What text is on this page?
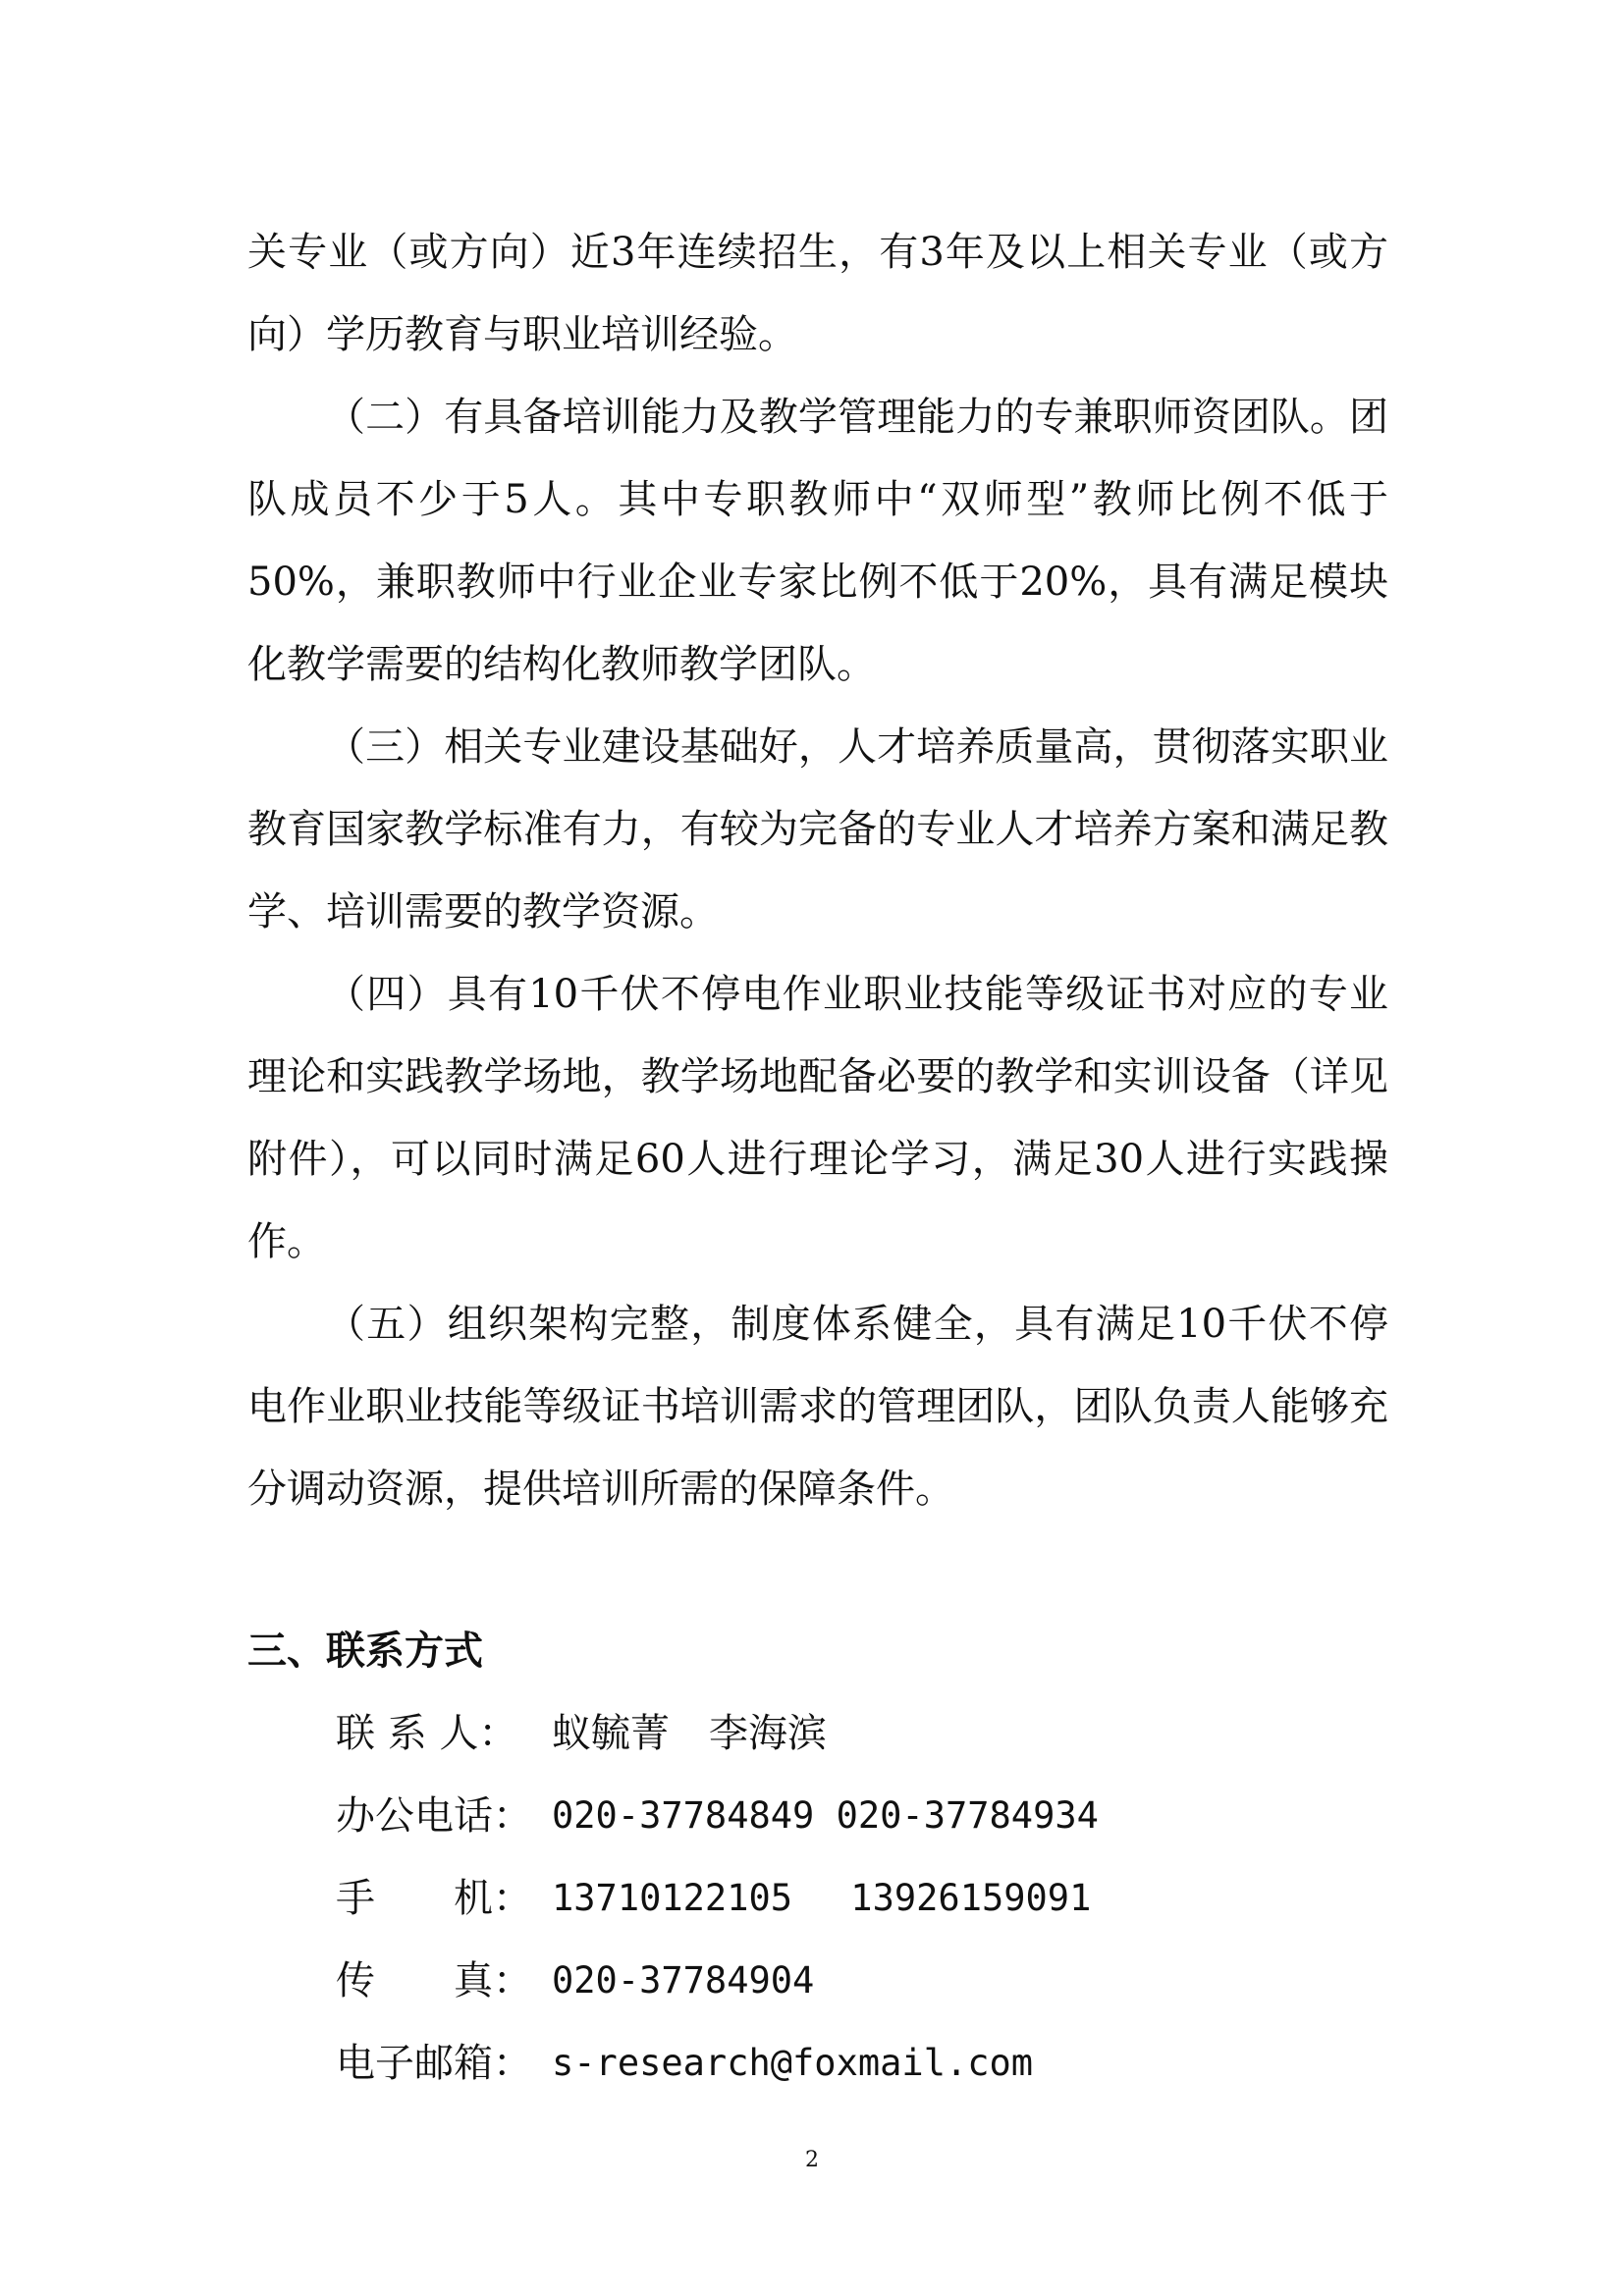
关专业（或方向）近3年连续招生，有3年及以上相关专业（或方向）学历教育与职业培训经验。

（二）有具备培训能力及教学管理能力的专兼职师资团队。团队成员不少于5人。其中专职教师中“双师型”教师比例不低于50%，兼职教师中行业企业专家比例不低于20%，具有满足模块化教学需要的结构化教师教学团队。

（三）相关专业建设基础好，人才培养质量高，贯彻落实职业教育国家教学标准有力，有较为完备的专业人才培养方案和满足教学、培训需要的教学资源。

（四）具有10千伏不停电作业职业技能等级证书对应的专业理论和实践教学场地，教学场地配备必要的教学和实训设备（详见附件），可以同时满足60人进行理论学习，满足30人进行实践操作。

（五）组织架构完整，制度体系健全，具有满足10千伏不停电作业职业技能等级证书培训需求的管理团队，团队负责人能够充分调动资源，提供培训所需的保障条件。

三、联系方式
联 系 人： 蚁毓菁　李海滨
办公电话： 020-37784849 020-37784934
手　　机： 13710122105　 13926159091
传　　真： 020-37784904
电子邮箱： s-research@foxmail.com
2
